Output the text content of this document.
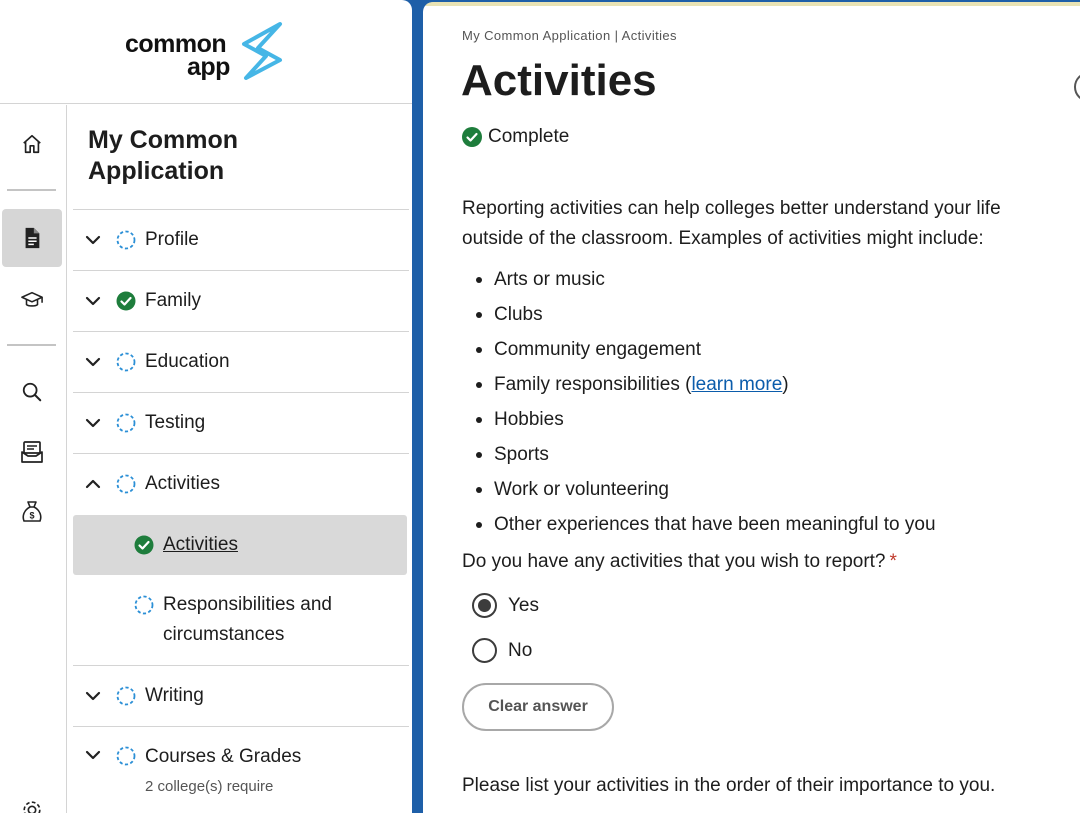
common
app
$
My Common Application
Profile
Family
Education
Testing
Activities
Writing
Courses & Grades
2 college(s) require
Activities
Responsibilities and
circumstances
My Common Application | Activities
Activities
Complete

Reporting activities can help colleges better understand your life outside of the classroom. Examples of activities might include:

Arts or music
Clubs
Community engagement
Family responsibilities ( learn more )
Hobbies
Sports
Work or volunteering
Other experiences that have been meaningful to you
Do you have any activities that you wish to report? *
Yes
No
Clear answer
Please list your activities in the order of their importance to you.
